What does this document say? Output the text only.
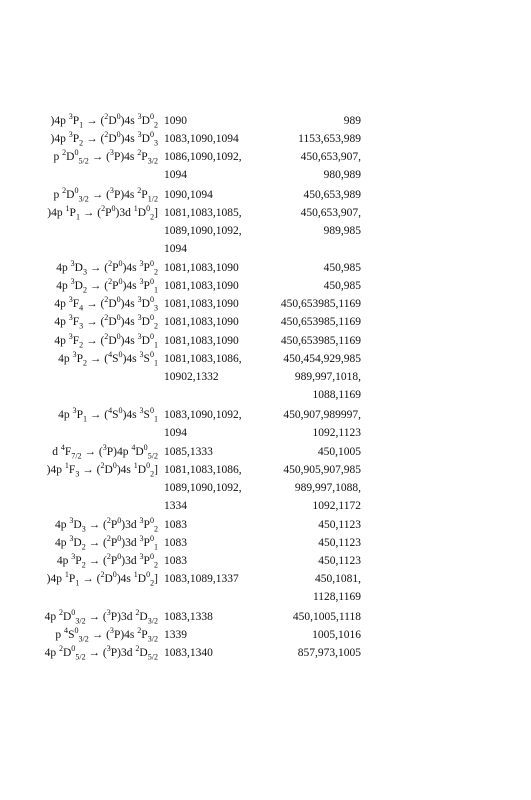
)4p $^3P_1 \to (^2D^0)4s$ $^3D^0_2$ 1090	989
)4p $^3P_2 \to (^2D^0)4s$ $^3D^0_3$ 1083,1090,1094	1153,653,989
p $^2D^0_{5/2} \to (^3P)4s$ $^2P_{3/2}$ 1086,1090,1092,	450,653,907,
1094	980,989
p $^2D^0_{3/2} \to (^3P)4s$ $^2P_{1/2}$ 1090,1094	450,653,989
)4p $^1P_1 \to (^2P^0)3d$ $^1D^0_2$] 1081,1083,1085,	450,653,907,
1089,1090,1092,	989,985
1094
4p $^3D_3 \to (^2P^0)4s$ $^3P^0_2$ 1081,1083,1090	450,985
4p $^3D_2 \to (^2P^0)4s$ $^3P^0_1$ 1081,1083,1090	450,985
4p $^3F_4 \to (^2D^0)4s$ $^3D^0_3$ 1081,1083,1090	450,653985,1169
4p $^3F_3 \to (^2D^0)4s$ $^3D^0_2$ 1081,1083,1090	450,653985,1169
4p $^3F_2 \to (^2D^0)4s$ $^3D^0_1$ 1081,1083,1090	450,653985,1169
4p $^3P_2 \to (^4S^0)4s$ $^3S^0_1$ 1081,1083,1086,	450,454,929,985
10902,1332	989,997,1018,
1088,1169
4p $^3P_1 \to (^4S^0)4s$ $^3S^0_1$ 1083,1090,1092,	450,907,989997,
1094	1092,1123
d $^4F_{7/2} \to (^3P)4p$ $^4D^0_{5/2}$ 1085,1333	450,1005
)4p $^1F_3 \to (^2D^0)4s$ $^1D^0_2$] 1081,1083,1086,	450,905,907,985
1089,1090,1092,	989,997,1088,
1334	1092,1172
4p $^3D_3 \to (^2P^0)3d$ $^3P^0_2$ 1083	450,1123
4p $^3D_2 \to (^2P^0)3d$ $^3P^0_1$ 1083	450,1123
4p $^3P_2 \to (^2P^0)3d$ $^3P^0_2$ 1083	450,1123
)4p $^1P_1 \to (^2D^0)4s$ $^1D^0_2$] 1083,1089,1337	450,1081,
1128,1169
4p $^2D^0_{3/2} \to (^3P)3d$ $^2D_{3/2}$ 1083,1338	450,1005,1118
p $^4S^0_{3/2} \to (^3P)4s$ $^2P_{3/2}$ 1339	1005,1016
4p $^2D^0_{5/2} \to (^3P)3d$ $^2D_{5/2}$ 1083,1340	857,973,1005
